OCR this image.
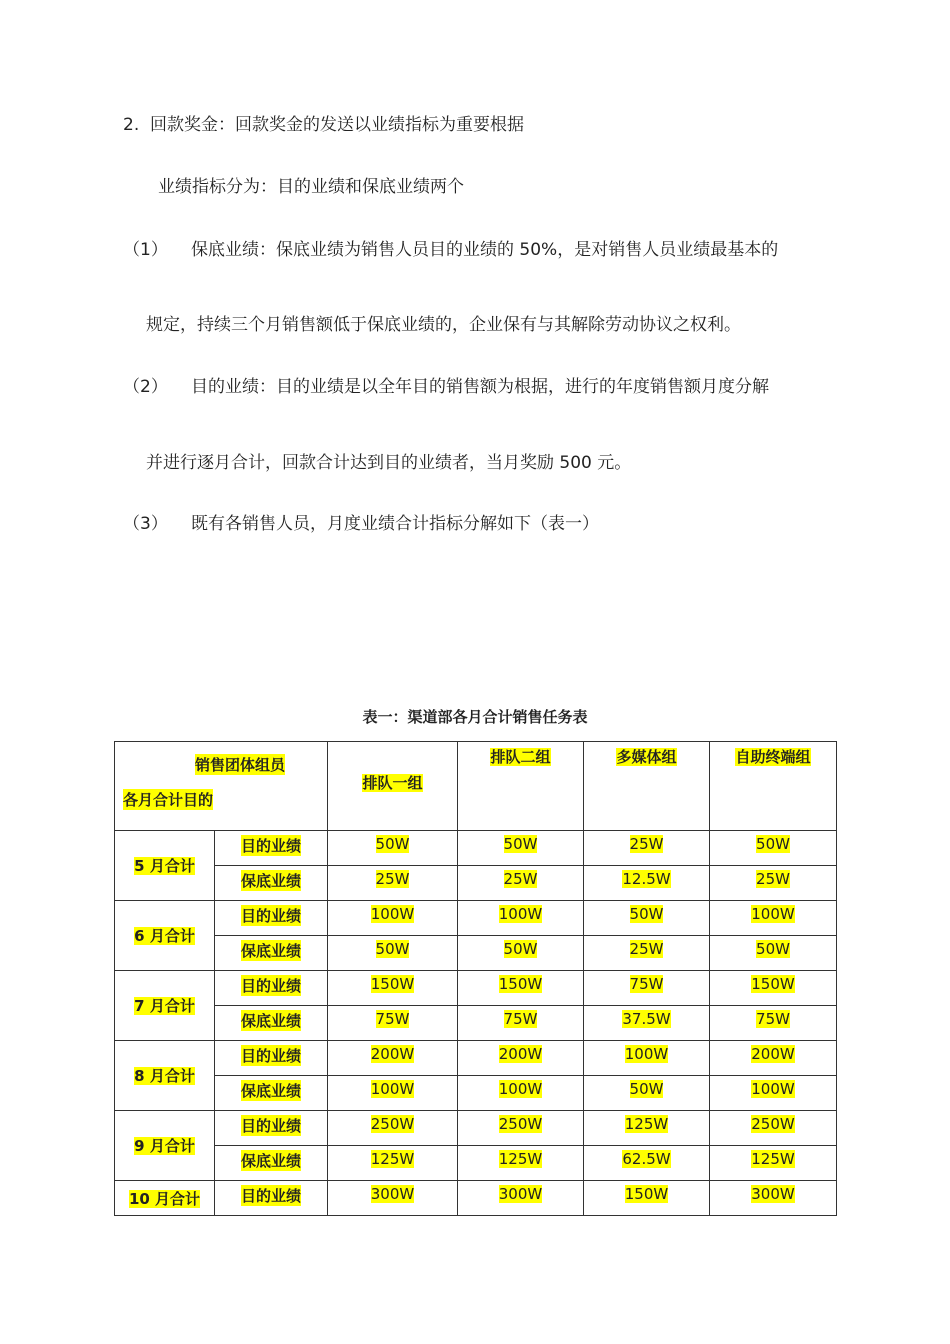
2.  回款奖金：回款奖金的发送以业绩指标为重要根据
业绩指标分为：目的业绩和保底业绩两个
（1） 保底业绩：保底业绩为销售人员目的业绩的 50%，是对销售人员业绩最基本的
规定，持续三个月销售额低于保底业绩的，企业保有与其解除劳动协议之权利。
（2） 目的业绩：目的业绩是以全年目的销售额为根据，进行的年度销售额月度分解
并进行逐月合计，回款合计达到目的业绩者，当月奖励 500 元。
（3） 既有各销售人员，月度业绩合计指标分解如下（表一）
表一：渠道部各月合计销售任务表
销售团体组员
各月合计目的		排队一组	排队二组	多媒体组	自助终端组

5 月合计	目的业绩	50W	50W	25W	50W
	保底业绩	25W	25W	12.5W	25W
6 月合计	目的业绩	100W	100W	50W	100W
	保底业绩	50W	50W	25W	50W
7 月合计	目的业绩	150W	150W	75W	150W
	保底业绩	75W	75W	37.5W	75W
8 月合计	目的业绩	200W	200W	100W	200W
	保底业绩	100W	100W	50W	100W
9 月合计	目的业绩	250W	250W	125W	250W
	保底业绩	125W	125W	62.5W	125W
10 月合计	目的业绩	300W	300W	150W	300W
